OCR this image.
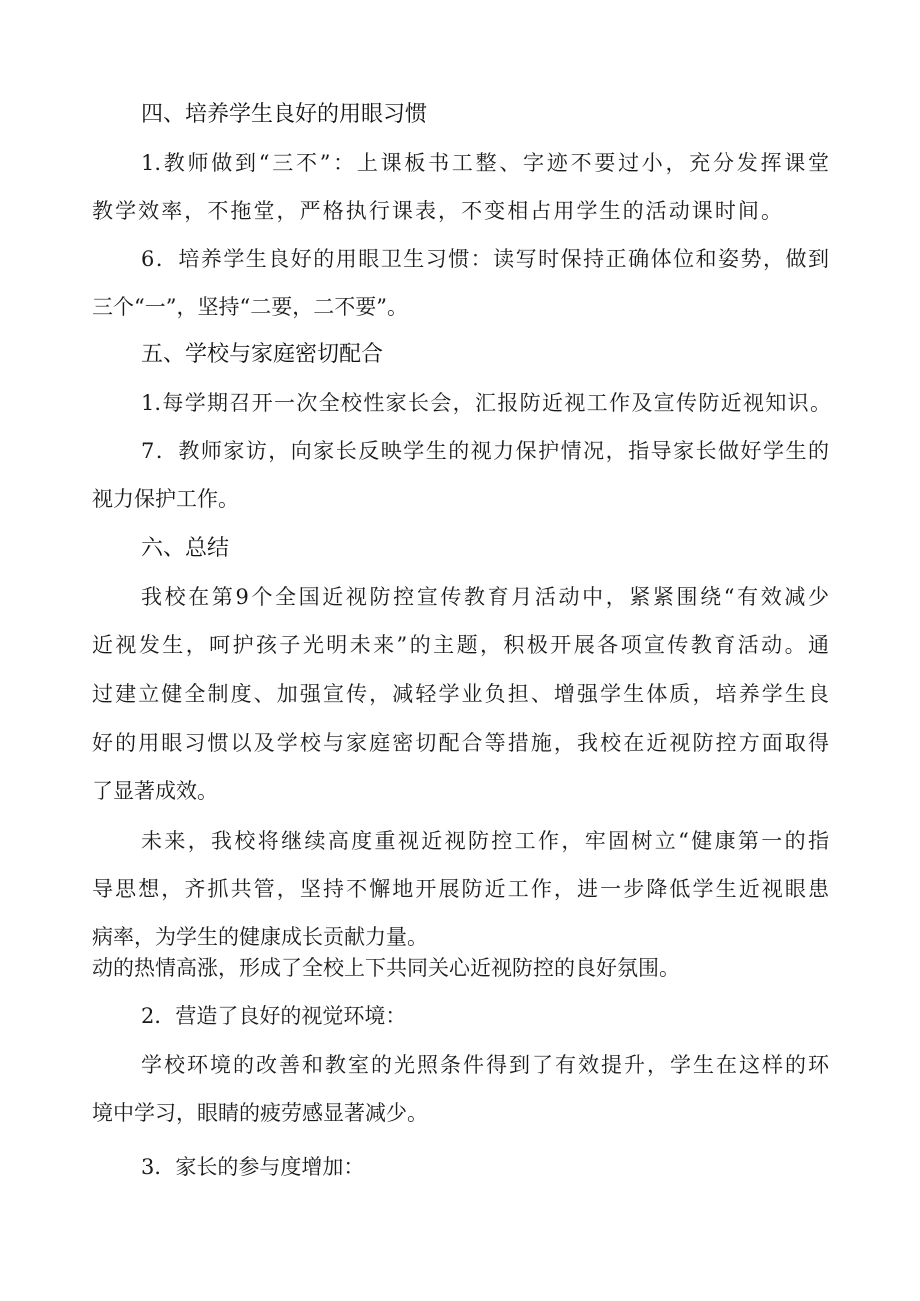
四、培养学生良好的用眼习惯
1.教师做到“三不”：上课板书工整、字迹不要过小，充分发挥课堂
教学效率，不拖堂，严格执行课表，不变相占用学生的活动课时间。
6．培养学生良好的用眼卫生习惯：读写时保持正确体位和姿势，做到
三个“一”，坚持“二要，二不要”。
五、学校与家庭密切配合
1.每学期召开一次全校性家长会，汇报防近视工作及宣传防近视知识。
7．教师家访，向家长反映学生的视力保护情况，指导家长做好学生的
视力保护工作。
六、总结
我校在第9个全国近视防控宣传教育月活动中，紧紧围绕“有效减少
近视发生，呵护孩子光明未来”的主题，积极开展各项宣传教育活动。通
过建立健全制度、加强宣传，减轻学业负担、增强学生体质，培养学生良
好的用眼习惯以及学校与家庭密切配合等措施，我校在近视防控方面取得
了显著成效。
未来，我校将继续高度重视近视防控工作，牢固树立“健康第一的指
导思想，齐抓共管，坚持不懈地开展防近工作，进一步降低学生近视眼患
病率，为学生的健康成长贡献力量。
动的热情高涨，形成了全校上下共同关心近视防控的良好氛围。
2．营造了良好的视觉环境：
学校环境的改善和教室的光照条件得到了有效提升，学生在这样的环
境中学习，眼睛的疲劳感显著减少。
3．家长的参与度增加：
